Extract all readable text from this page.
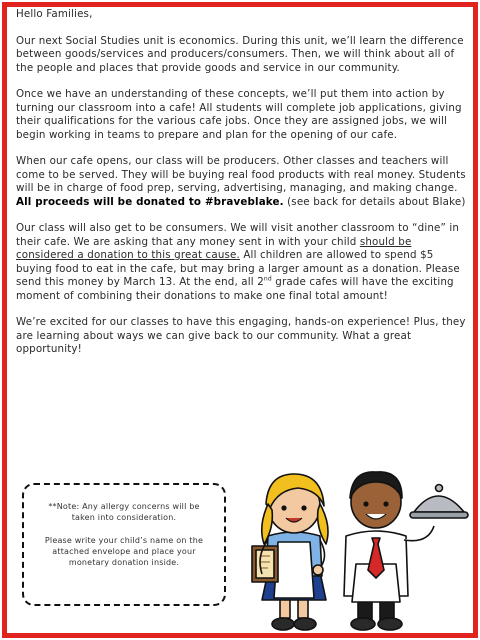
Hello Families,

Our next Social Studies unit is economics. During this unit, we’ll learn the difference between goods/services and producers/consumers. Then, we will think about all of the people and places that provide goods and service in our community.

Once we have an understanding of these concepts, we’ll put them into action by turning our classroom into a cafe! All students will complete job applications, giving their qualifications for the various cafe jobs. Once they are assigned jobs, we will begin working in teams to prepare and plan for the opening of our cafe.

When our cafe opens, our class will be producers. Other classes and teachers will come to be served. They will be buying real food products with real money. Students will be in charge of food prep, serving, advertising, managing, and making change. All proceeds will be donated to #braveblake. (see back for details about Blake)

Our class will also get to be consumers. We will visit another classroom to “dine” in their cafe. We are asking that any money sent in with your child should be considered a donation to this great cause. All children are allowed to spend $5 buying food to eat in the cafe, but may bring a larger amount as a donation. Please send this money by March 13. At the end, all 2nd grade cafes will have the exciting moment of combining their donations to make one final total amount!

We’re excited for our classes to have this engaging, hands-on experience! Plus, they are learning about ways we can give back to our community. What a great opportunity!

**Note: Any allergy concerns will be taken into consideration.

Please write your child’s name on the attached envelope and place your monetary donation inside.
